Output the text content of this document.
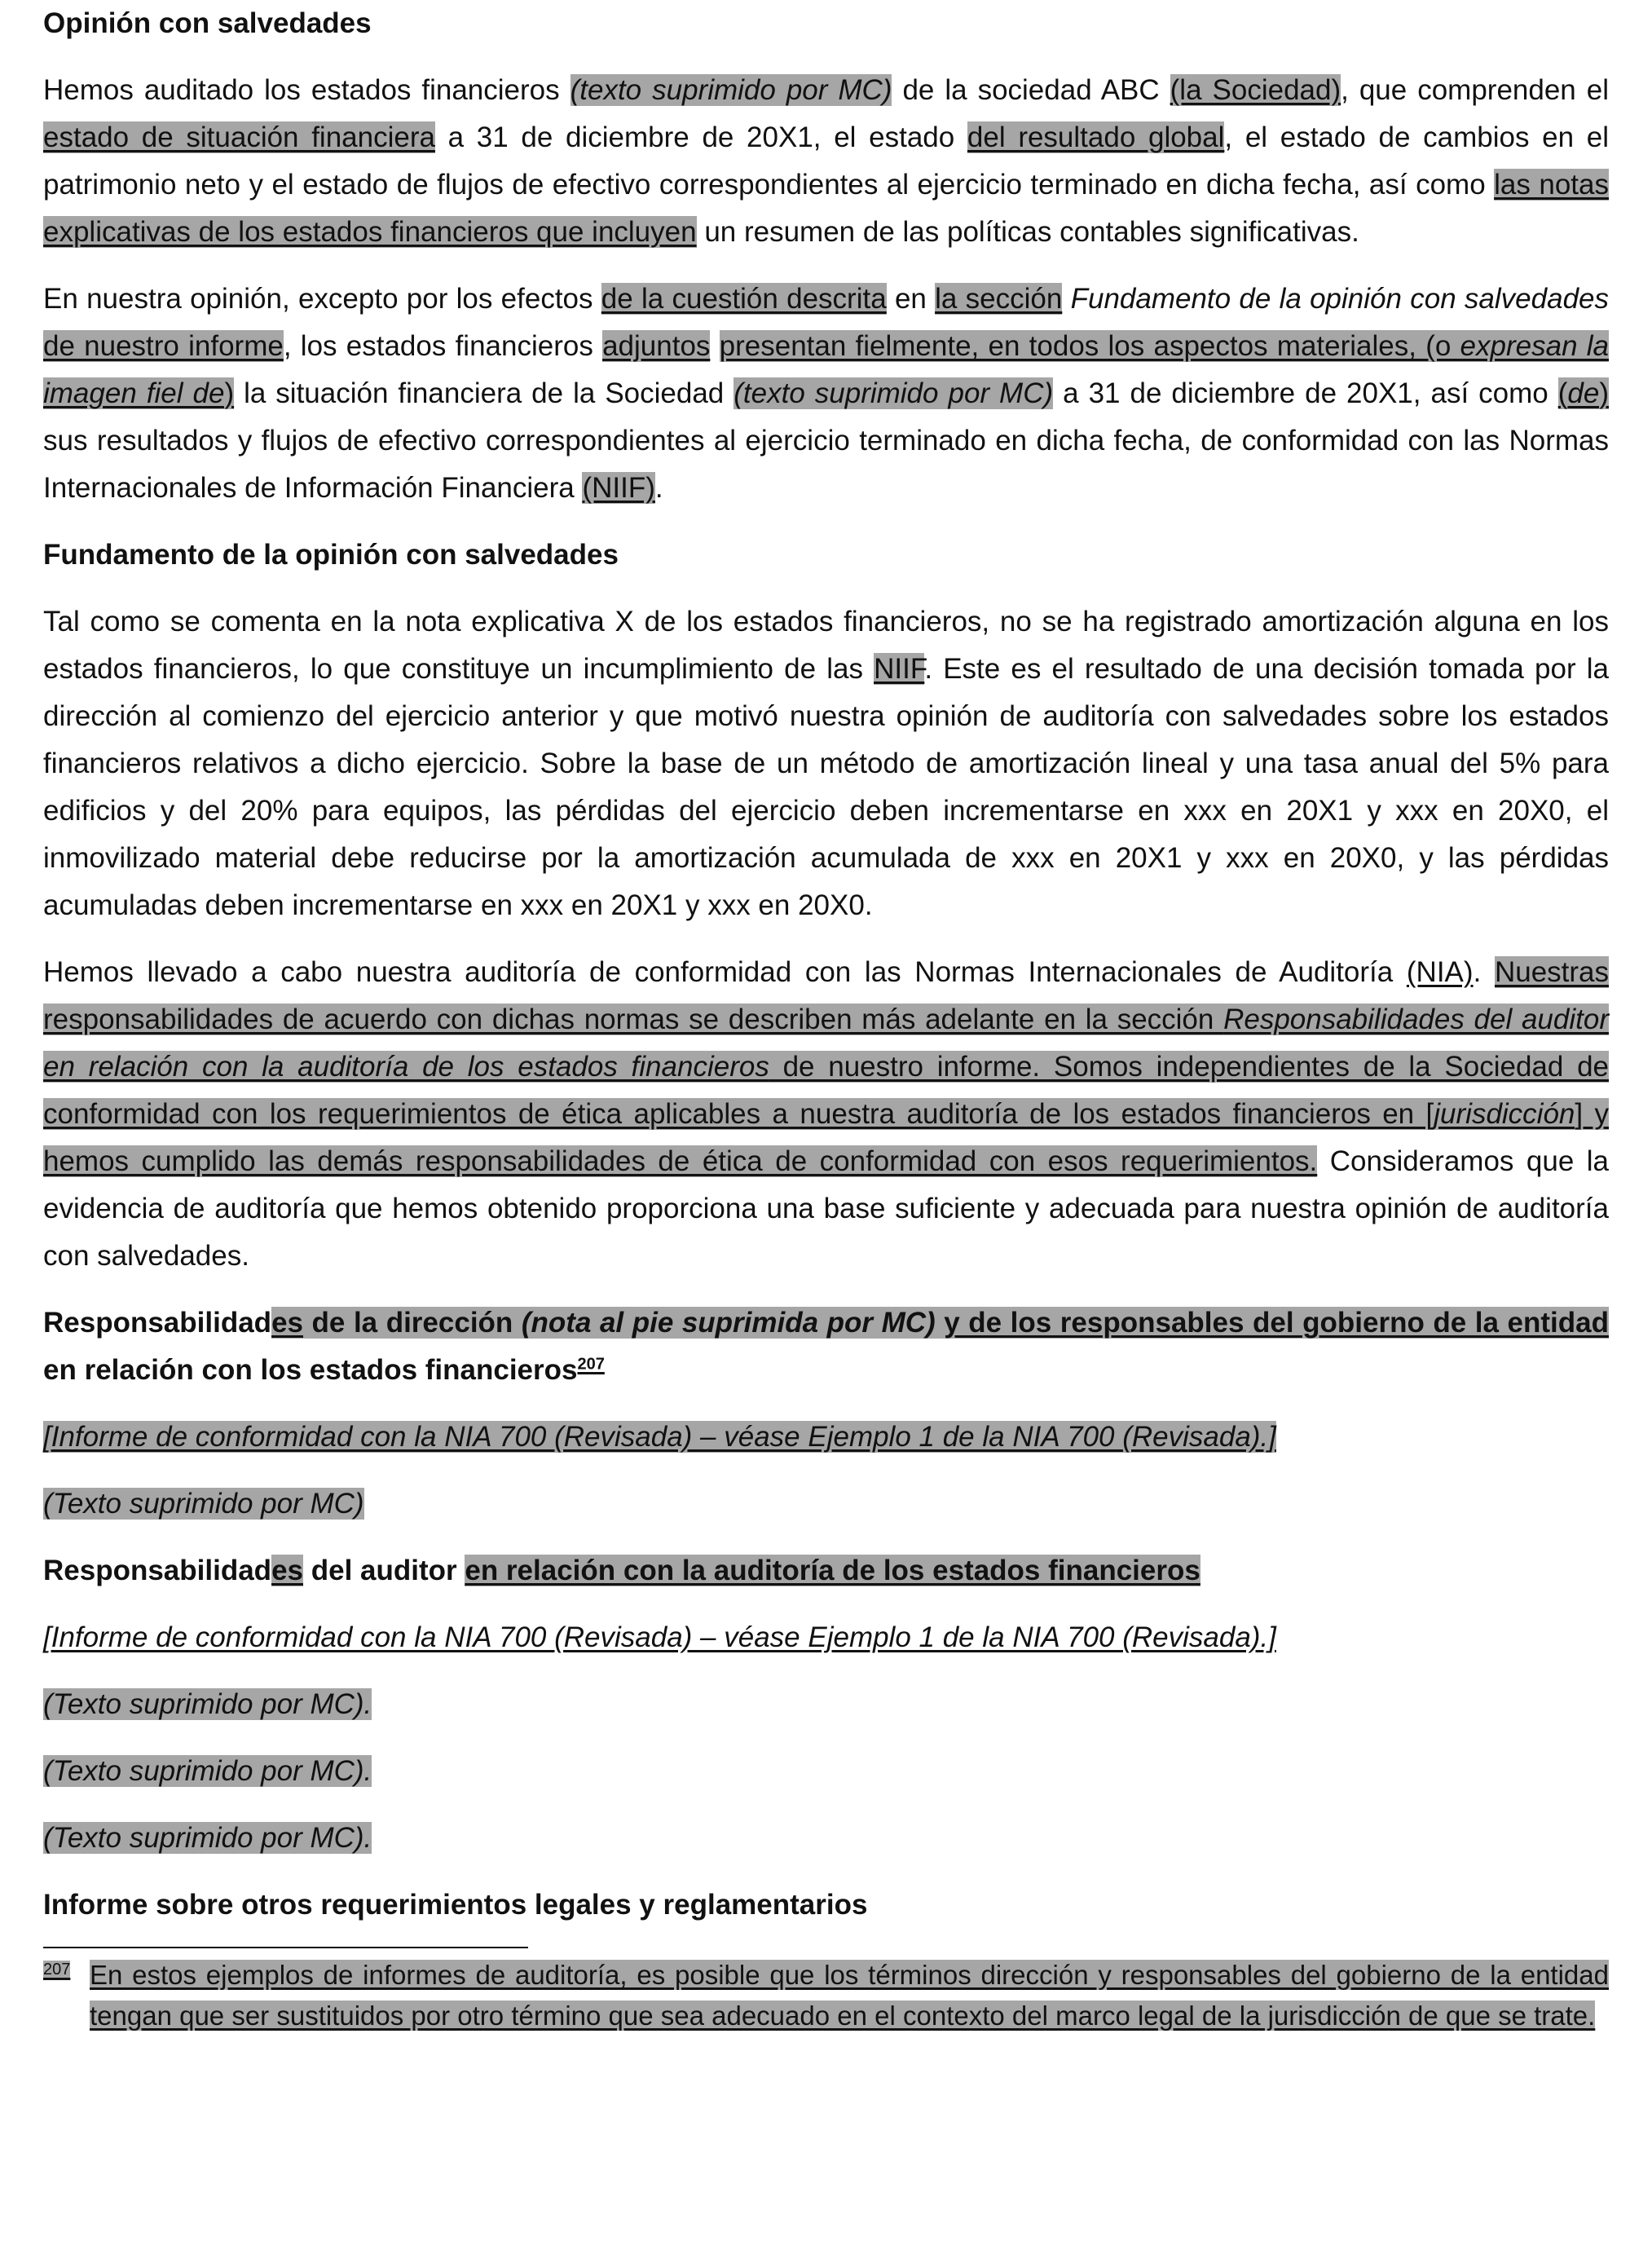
Opinión con salvedades

Hemos auditado los estados financieros (texto suprimido por MC) de la sociedad ABC (la Sociedad), que comprenden el estado de situación financiera a 31 de diciembre de 20X1, el estado del resultado global, el estado de cambios en el patrimonio neto y el estado de flujos de efectivo correspondientes al ejercicio terminado en dicha fecha, así como las notas explicativas de los estados financieros que incluyen un resumen de las políticas contables significativas.

En nuestra opinión, excepto por los efectos de la cuestión descrita en la sección Fundamento de la opinión con salvedades de nuestro informe, los estados financieros adjuntos presentan fielmente, en todos los aspectos materiales, (o expresan la imagen fiel de) la situación financiera de la Sociedad (texto suprimido por MC) a 31 de diciembre de 20X1, así como (de) sus resultados y flujos de efectivo correspondientes al ejercicio terminado en dicha fecha, de conformidad con las Normas Internacionales de Información Financiera (NIIF).

Fundamento de la opinión con salvedades

Tal como se comenta en la nota explicativa X de los estados financieros, no se ha registrado amortización alguna en los estados financieros, lo que constituye un incumplimiento de las NIIF. Este es el resultado de una decisión tomada por la dirección al comienzo del ejercicio anterior y que motivó nuestra opinión de auditoría con salvedades sobre los estados financieros relativos a dicho ejercicio. Sobre la base de un método de amortización lineal y una tasa anual del 5% para edificios y del 20% para equipos, las pérdidas del ejercicio deben incrementarse en xxx en 20X1 y xxx en 20X0, el inmovilizado material debe reducirse por la amortización acumulada de xxx en 20X1 y xxx en 20X0, y las pérdidas acumuladas deben incrementarse en xxx en 20X1 y xxx en 20X0.

Hemos llevado a cabo nuestra auditoría de conformidad con las Normas Internacionales de Auditoría (NIA). Nuestras responsabilidades de acuerdo con dichas normas se describen más adelante en la sección Responsabilidades del auditor en relación con la auditoría de los estados financieros de nuestro informe. Somos independientes de la Sociedad de conformidad con los requerimientos de ética aplicables a nuestra auditoría de los estados financieros en [jurisdicción] y hemos cumplido las demás responsabilidades de ética de conformidad con esos requerimientos. Consideramos que la evidencia de auditoría que hemos obtenido proporciona una base suficiente y adecuada para nuestra opinión de auditoría con salvedades.

Responsabilidades de la dirección (nota al pie suprimida por MC) y de los responsables del gobierno de la entidad en relación con los estados financieros$^{207}$

[Informe de conformidad con la NIA 700 (Revisada) – véase Ejemplo 1 de la NIA 700 (Revisada).]

(Texto suprimido por MC)

Responsabilidades del auditor en relación con la auditoría de los estados financieros

[Informe de conformidad con la NIA 700 (Revisada) – véase Ejemplo 1 de la NIA 700 (Revisada).]

(Texto suprimido por MC).

(Texto suprimido por MC).

(Texto suprimido por MC).

Informe sobre otros requerimientos legales y reglamentarios

$^{207}$ En estos ejemplos de informes de auditoría, es posible que los términos dirección y responsables del gobierno de la entidad tengan que ser sustituidos por otro término que sea adecuado en el contexto del marco legal de la jurisdicción de que se trate.
